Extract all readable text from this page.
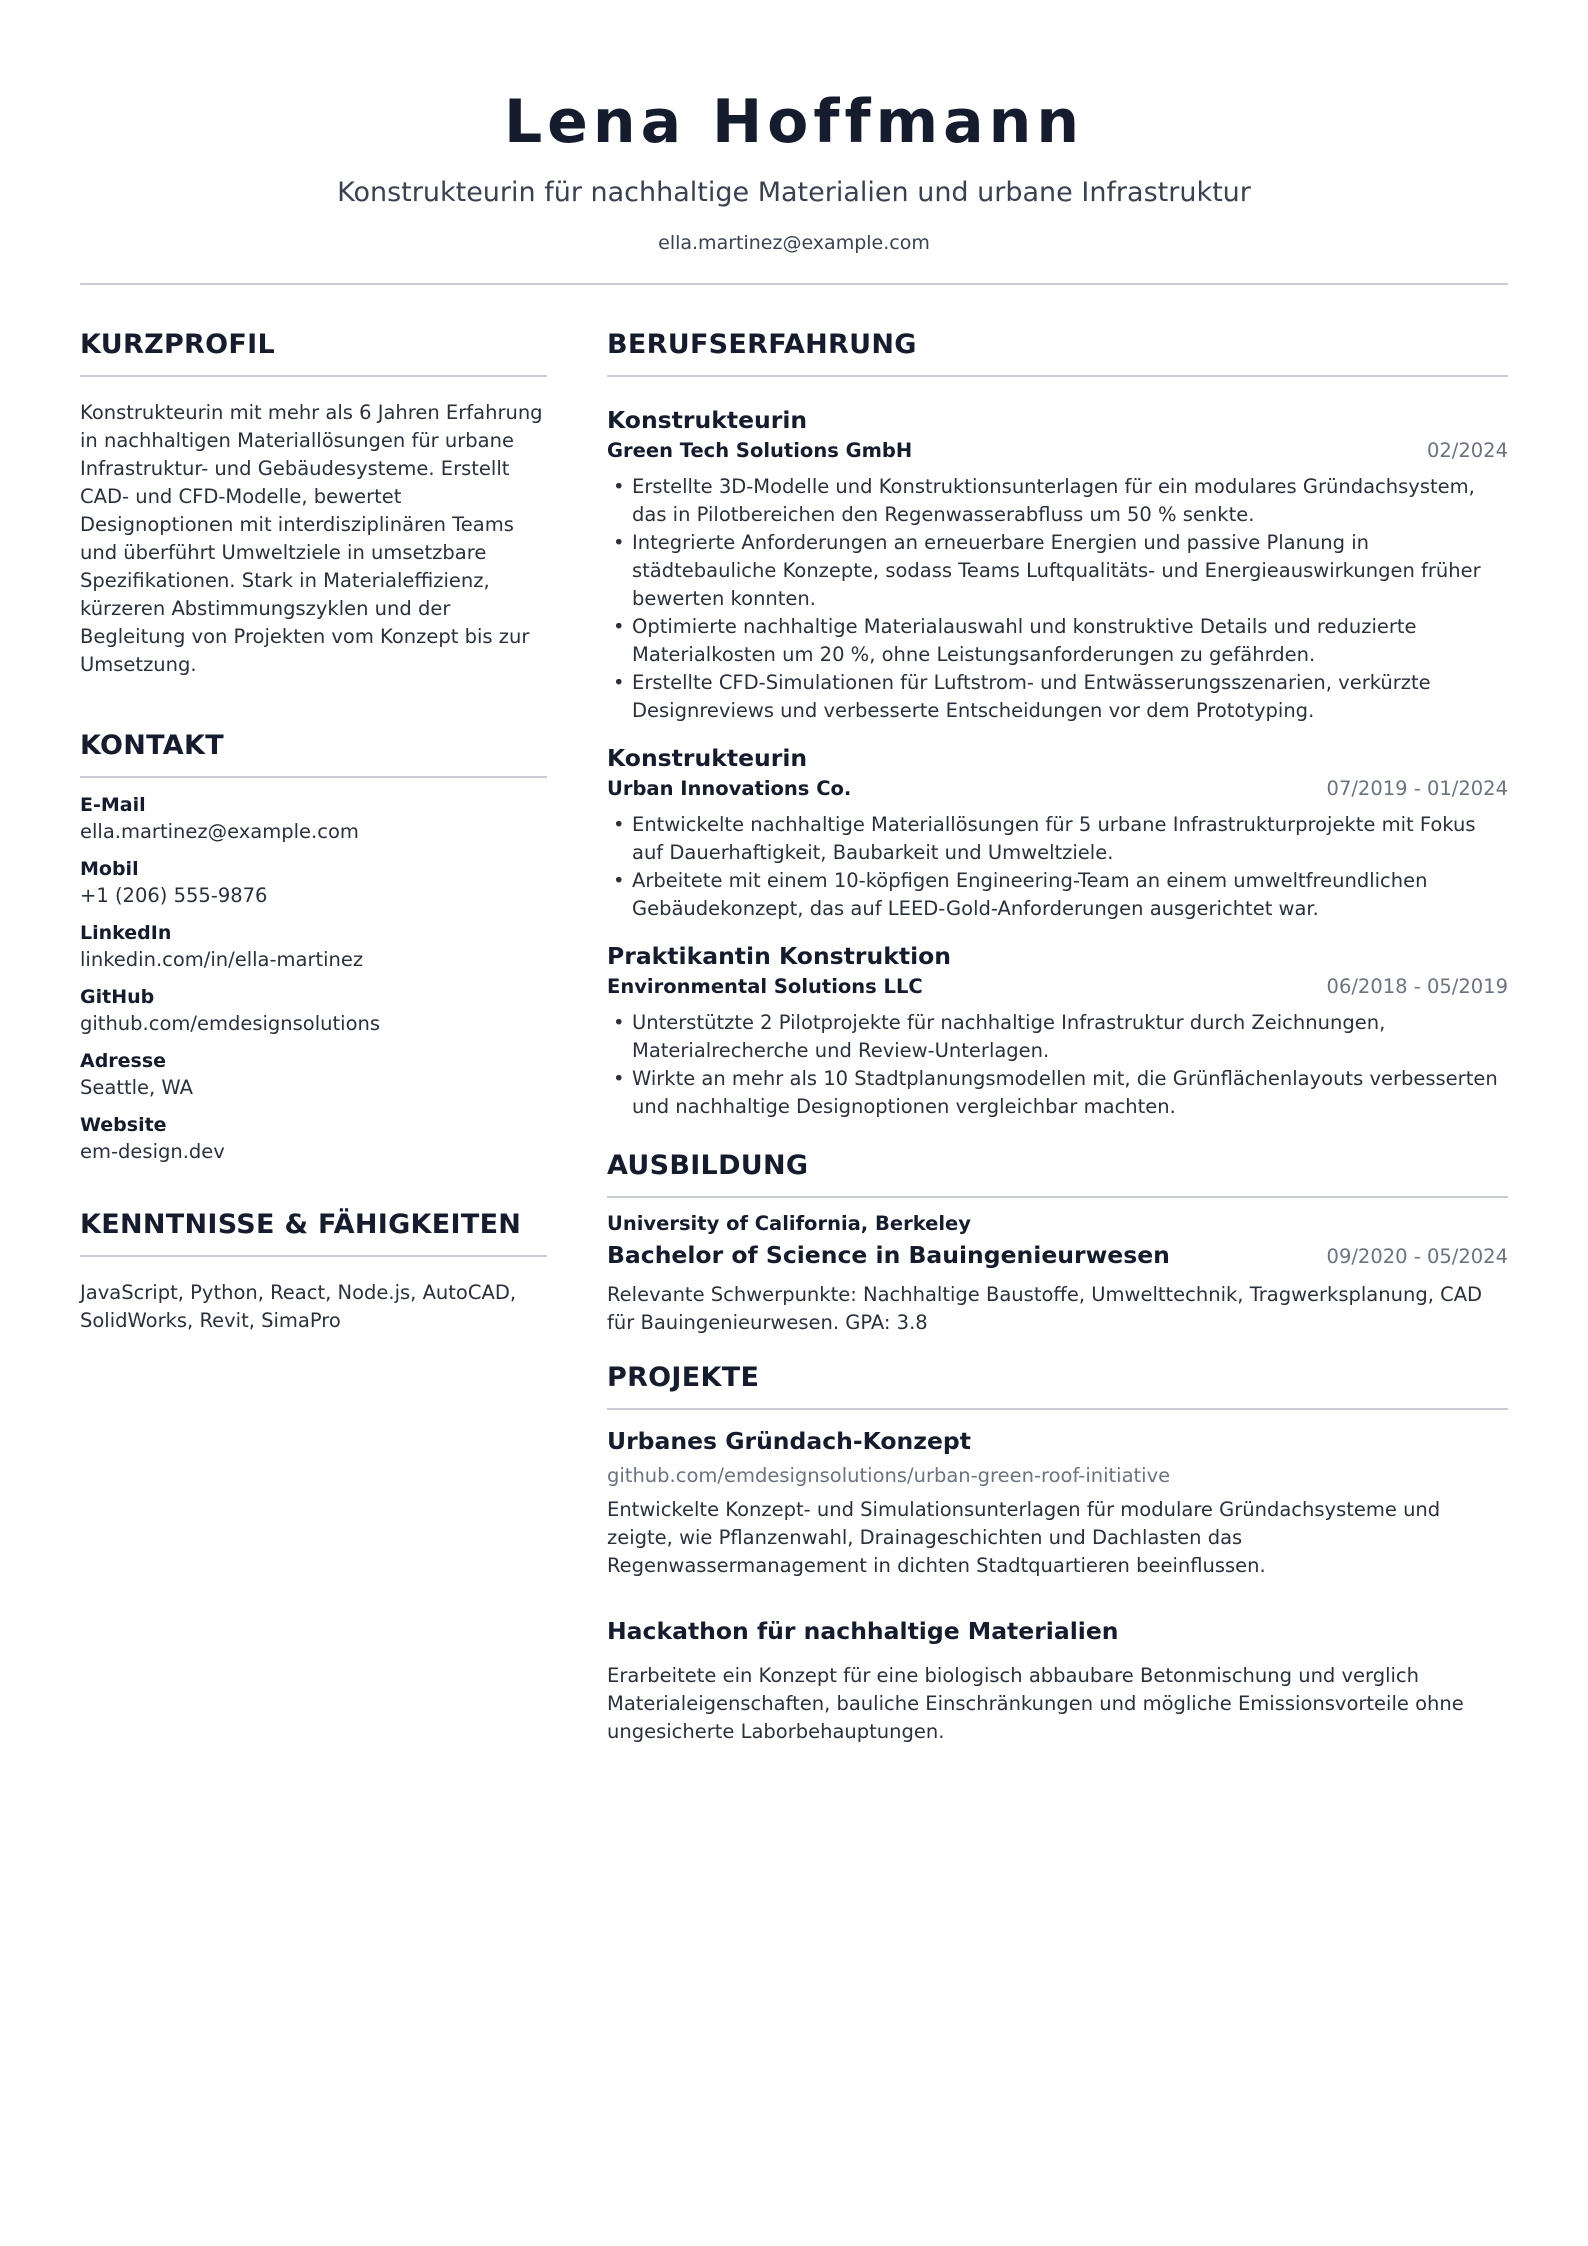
Lena Hoffmann
Konstrukteurin für nachhaltige Materialien und urbane Infrastruktur
ella.martinez@example.com
KURZPROFIL
Konstrukteurin mit mehr als 6 Jahren Erfahrung in nachhaltigen Materiallösungen für urbane Infrastruktur- und Gebäudesysteme. Erstellt CAD- und CFD-Modelle, bewertet Designoptionen mit interdisziplinären Teams und überführt Umweltziele in umsetzbare Spezifikationen. Stark in Materialeffizienz, kürzeren Abstimmungszyklen und der Begleitung von Projekten vom Konzept bis zur Umsetzung.
KONTAKT
E-Mail
ella.martinez@example.com
Mobil
+1 (206) 555-9876
LinkedIn
linkedin.com/in/ella-martinez
GitHub
github.com/emdesignsolutions
Adresse
Seattle, WA
Website
em-design.dev
KENNTNISSE & FÄHIGKEITEN
JavaScript, Python, React, Node.js, AutoCAD, SolidWorks, Revit, SimaPro
BERUFSERFAHRUNG
Konstrukteurin
Green Tech Solutions GmbH	02/2024
• Erstellte 3D-Modelle und Konstruktionsunterlagen für ein modulares Gründachsystem, das in Pilotbereichen den Regenwasserabfluss um 50 % senkte.
• Integrierte Anforderungen an erneuerbare Energien und passive Planung in städtebauliche Konzepte, sodass Teams Luftqualitäts- und Energieauswirkungen früher bewerten konnten.
• Optimierte nachhaltige Materialauswahl und konstruktive Details und reduzierte Materialkosten um 20 %, ohne Leistungsanforderungen zu gefährden.
• Erstellte CFD-Simulationen für Luftstrom- und Entwässerungsszenarien, verkürzte Designreviews und verbesserte Entscheidungen vor dem Prototyping.
Konstrukteurin
Urban Innovations Co.	07/2019 - 01/2024
• Entwickelte nachhaltige Materiallösungen für 5 urbane Infrastrukturprojekte mit Fokus auf Dauerhaftigkeit, Baubarkeit und Umweltziele.
• Arbeitete mit einem 10-köpfigen Engineering-Team an einem umweltfreundlichen Gebäudekonzept, das auf LEED-Gold-Anforderungen ausgerichtet war.
Praktikantin Konstruktion
Environmental Solutions LLC	06/2018 - 05/2019
• Unterstützte 2 Pilotprojekte für nachhaltige Infrastruktur durch Zeichnungen, Materialrecherche und Review-Unterlagen.
• Wirkte an mehr als 10 Stadtplanungsmodellen mit, die Grünflächenlayouts verbesserten und nachhaltige Designoptionen vergleichbar machten.
AUSBILDUNG
University of California, Berkeley
Bachelor of Science in Bauingenieurwesen	09/2020 - 05/2024
Relevante Schwerpunkte: Nachhaltige Baustoffe, Umwelttechnik, Tragwerksplanung, CAD für Bauingenieurwesen. GPA: 3.8
PROJEKTE
Urbanes Gründach-Konzept
github.com/emdesignsolutions/urban-green-roof-initiative
Entwickelte Konzept- und Simulationsunterlagen für modulare Gründachsysteme und zeigte, wie Pflanzenwahl, Drainageschichten und Dachlasten das Regenwassermanagement in dichten Stadtquartieren beeinflussen.
Hackathon für nachhaltige Materialien
Erarbeitete ein Konzept für eine biologisch abbaubare Betonmischung und verglich Materialeigenschaften, bauliche Einschränkungen und mögliche Emissionsvorteile ohne ungesicherte Laborbehauptungen.
